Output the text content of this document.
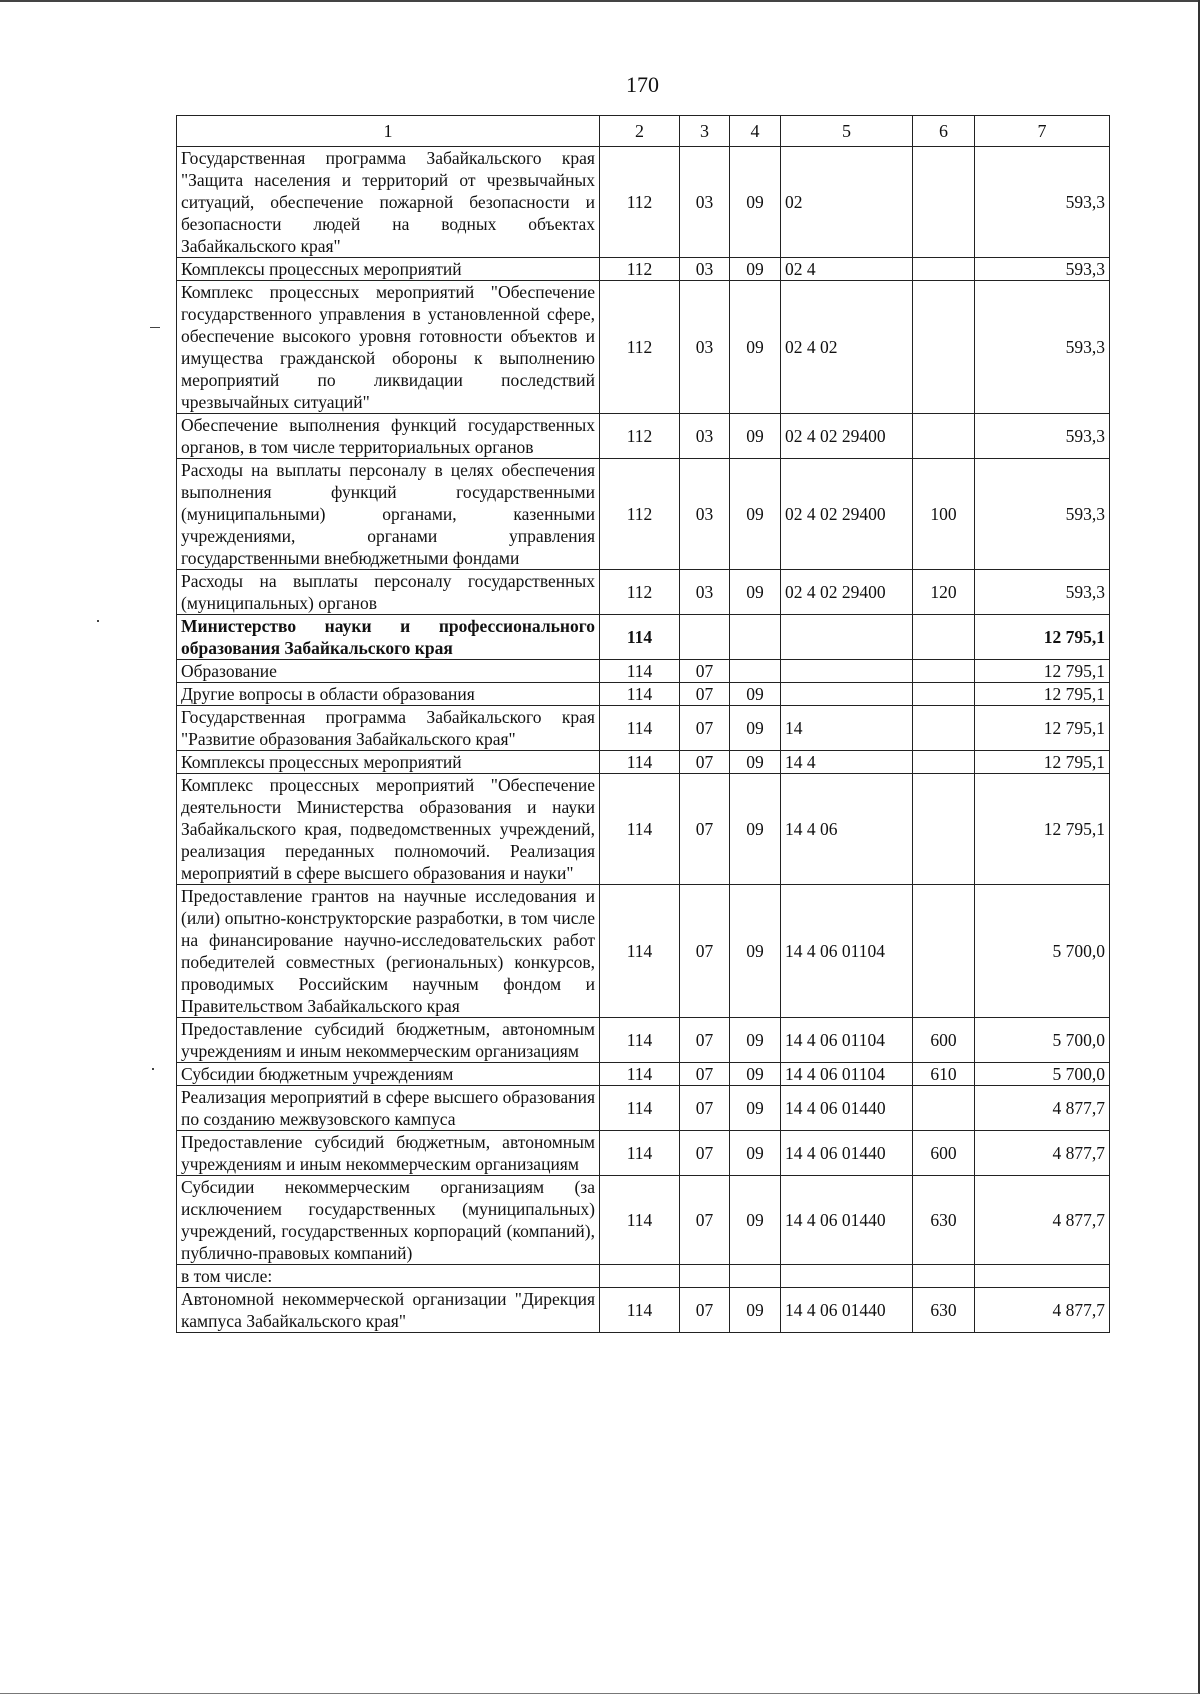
170
1	2	3	4	5	6	7
Государственная программа Забайкальского края "Защита населения и территорий от чрезвычайных ситуаций, обеспечение пожарной безопасности и безопасности людей на водных объектах Забайкальского края"	112	03	09	02		593,3
Комплексы процессных мероприятий	112	03	09	02 4		593,3
Комплекс процессных мероприятий "Обеспечение государственного управления в установленной сфере, обеспечение высокого уровня готовности объектов и имущества гражданской обороны к выполнению мероприятий по ликвидации последствий чрезвычайных ситуаций"	112	03	09	02 4 02		593,3
Обеспечение выполнения функций государственных органов, в том числе территориальных органов	112	03	09	02 4 02 29400		593,3
Расходы на выплаты персоналу в целях обеспечения выполнения функций государственными (муниципальными) органами, казенными учреждениями, органами управления государственными внебюджетными фондами	112	03	09	02 4 02 29400	100	593,3
Расходы на выплаты персоналу государственных (муниципальных) органов	112	03	09	02 4 02 29400	120	593,3
Министерство науки и профессионального образования Забайкальского края	114					12 795,1
Образование	114	07				12 795,1
Другие вопросы в области образования	114	07	09			12 795,1
Государственная программа Забайкальского края "Развитие образования Забайкальского края"	114	07	09	14		12 795,1
Комплексы процессных мероприятий	114	07	09	14 4		12 795,1
Комплекс процессных мероприятий "Обеспечение деятельности Министерства образования и науки Забайкальского края, подведомственных учреждений, реализация переданных полномочий. Реализация мероприятий в сфере высшего образования и науки"	114	07	09	14 4 06		12 795,1
Предоставление грантов на научные исследования и (или) опытно-конструкторские разработки, в том числе на финансирование научно-исследовательских работ победителей совместных (региональных) конкурсов, проводимых Российским научным фондом и Правительством Забайкальского края	114	07	09	14 4 06 01104		5 700,0
Предоставление субсидий бюджетным, автономным учреждениям и иным некоммерческим организациям	114	07	09	14 4 06 01104	600	5 700,0
Субсидии бюджетным учреждениям	114	07	09	14 4 06 01104	610	5 700,0
Реализация мероприятий в сфере высшего образования по созданию межвузовского кампуса	114	07	09	14 4 06 01440		4 877,7
Предоставление субсидий бюджетным, автономным учреждениям и иным некоммерческим организациям	114	07	09	14 4 06 01440	600	4 877,7
Субсидии некоммерческим организациям (за исключением государственных (муниципальных) учреждений, государственных корпораций (компаний), публично-правовых компаний)	114	07	09	14 4 06 01440	630	4 877,7
в том числе:						
Автономной некоммерческой организации "Дирекция кампуса Забайкальского края"	114	07	09	14 4 06 01440	630	4 877,7
